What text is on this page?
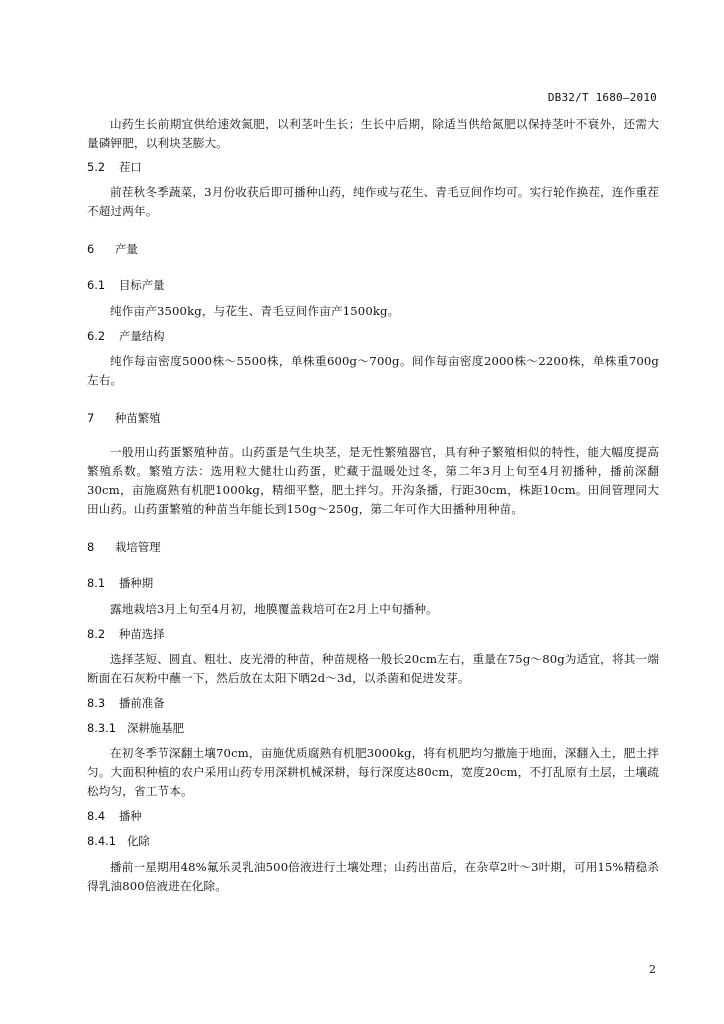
DB32/T 1680—2010

山药生长前期宜供给速效氮肥，以利茎叶生长；生长中后期，除适当供给氮肥以保持茎叶不衰外，还需大量磷钾肥，以利块茎膨大。

5.2 茬口

前茬秋冬季蔬菜，3月份收获后即可播种山药，纯作或与花生、青毛豆间作均可。实行轮作换茬，连作重茬不超过两年。

6 产量
6.1 目标产量

纯作亩产3500kg，与花生、青毛豆间作亩产1500kg。

6.2 产量结构

纯作每亩密度5000株～5500株，单株重600g～700g。间作每亩密度2000株～2200株，单株重700g左右。

7 种苗繁殖

一般用山药蛋繁殖种苗。山药蛋是气生块茎，是无性繁殖器官，具有种子繁殖相似的特性，能大幅度提高繁殖系数。繁殖方法：选用粒大健壮山药蛋，贮藏于温暖处过冬，第二年3月上旬至4月初播种，播前深翻30cm，亩施腐熟有机肥1000kg，精细平整，肥土拌匀。开沟条播，行距30cm，株距10cm。田间管理同大田山药。山药蛋繁殖的种苗当年能长到150g～250g，第二年可作大田播种用种苗。

8 栽培管理
8.1 播种期

露地栽培3月上旬至4月初，地膜覆盖栽培可在2月上中旬播种。

8.2 种苗选择

选择茎短、圆直、粗壮、皮光滑的种苗，种苗规格一般长20cm左右，重量在75g～80g为适宜，将其一端断面在石灰粉中蘸一下，然后放在太阳下晒2d～3d，以杀菌和促进发芽。

8.3 播前准备
8.3.1 深耕施基肥

在初冬季节深翻土壤70cm，亩施优质腐熟有机肥3000kg，将有机肥均匀撒施于地面，深翻入土，肥土拌匀。大面积种植的农户采用山药专用深耕机械深耕，每行深度达80cm，宽度20cm，不打乱原有土层，土壤疏松均匀，省工节本。

8.4 播种
8.4.1 化除

播前一星期用48%氟乐灵乳油500倍液进行土壤处理；山药出苗后，在杂草2叶～3叶期，可用15%精稳杀得乳油800倍液进在化除。

2
